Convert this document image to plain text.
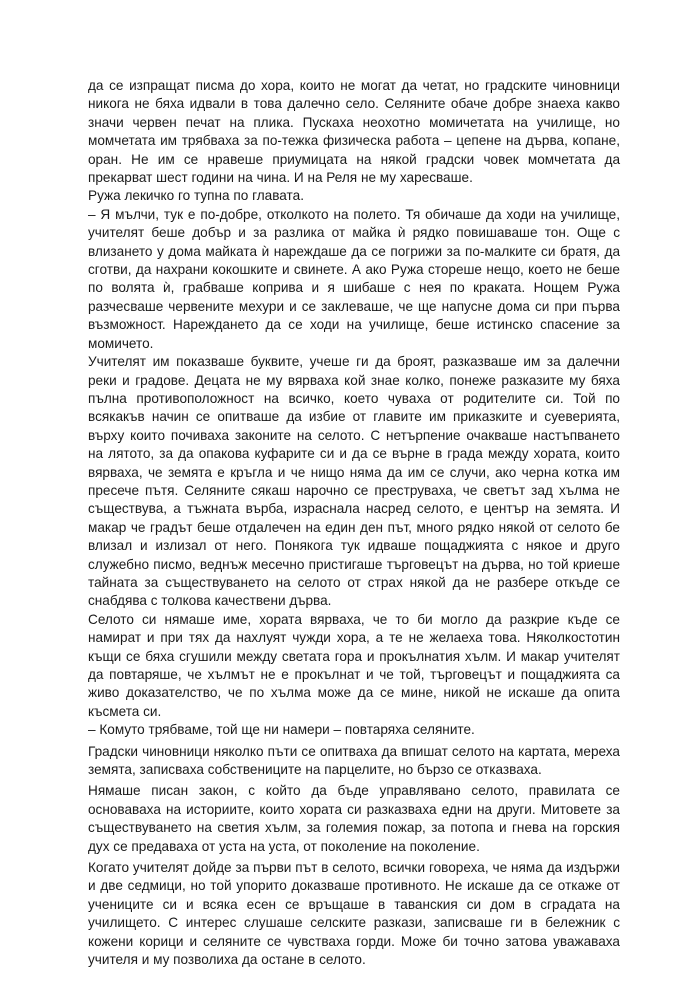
да се изпращат писма до хора, които не могат да четат, но градските чиновници никога не бяха идвали в това далечно село. Селяните обаче добре знаеха какво значи червен печат на плика. Пускаха неохотно момичетата на училище, но момчетата им трябваха за по-тежка физическа работа – цепене на дърва, копане, оран. Не им се нравеше приумицата на някой градски човек момчетата да прекарват шест години на чина. И на Реля не му харесваше.

Ружа лекичко го тупна по главата.

– Я мълчи, тук е по-добре, отколкото на полето. Тя обичаше да ходи на училище, учителят беше добър и за разлика от майка ѝ рядко повишаваше тон. Още с влизането у дома майката ѝ нареждаше да се погрижи за по-малките си братя, да сготви, да нахрани кокошките и свинете. А ако Ружа стореше нещо, което не беше по волята ѝ, грабваше коприва и я шибаше с нея по краката. Нощем Ружа разчесваше червените мехури и се заклеваше, че ще напусне дома си при първа възможност. Нареждането да се ходи на училище, беше истинско спасение за момичето.

Учителят им показваше буквите, учеше ги да броят, разказваше им за далечни реки и градове. Децата не му вярваха кой знае колко, понеже разказите му бяха пълна противоположност на всичко, което чуваха от родителите си. Той по всякакъв начин се опитваше да избие от главите им приказките и суеверията, върху които почиваха законите на селото. С нетърпение очакваше настъпването на лятото, за да опакова куфарите си и да се върне в града между хората, които вярваха, че земята е кръгла и че нищо няма да им се случи, ако черна котка им пресече пътя. Селяните сякаш нарочно се преструваха, че светът зад хълма не съществува, а тъжната върба, израснала насред селото, е център на земята. И макар че градът беше отдалечен на един ден път, много рядко някой от селото бе влизал и излизал от него. Понякога тук идваше пощаджията с някое и друго служебно писмо, веднъж месечно пристигаше търговецът на дърва, но той криеше тайната за съществуването на селото от страх някой да не разбере откъде се снабдява с толкова качествени дърва.

Селото си нямаше име, хората вярваха, че то би могло да разкрие къде се намират и при тях да нахлуят чужди хора, а те не желаеха това. Няколкостотин къщи се бяха сгушили между светата гора и прокълнатия хълм. И макар учителят да повтаряше, че хълмът не е прокълнат и че той, търговецът и пощаджията са живо доказателство, че по хълма може да се мине, никой не искаше да опита късмета си.

– Комуто трябваме, той ще ни намери – повтаряха селяните.

Градски чиновници няколко пъти се опитваха да впишат селото на картата, мереха земята, записваха собствениците на парцелите, но бързо се отказваха.

Нямаше писан закон, с който да бъде управлявано селото, правилата се основаваха на историите, които хората си разказваха едни на други. Митовете за съществуването на светия хълм, за големия пожар, за потопа и гнева на горския дух се предаваха от уста на уста, от поколение на поколение.

Когато учителят дойде за първи път в селото, всички говореха, че няма да издържи и две седмици, но той упорито доказваше противното. Не искаше да се откаже от учениците си и всяка есен се връщаше в таванския си дом в сградата на училището. С интерес слушаше селските разкази, записваше ги в бележник с кожени корици и селяните се чувстваха горди. Може би точно затова уважаваха учителя и му позволиха да остане в селото.
